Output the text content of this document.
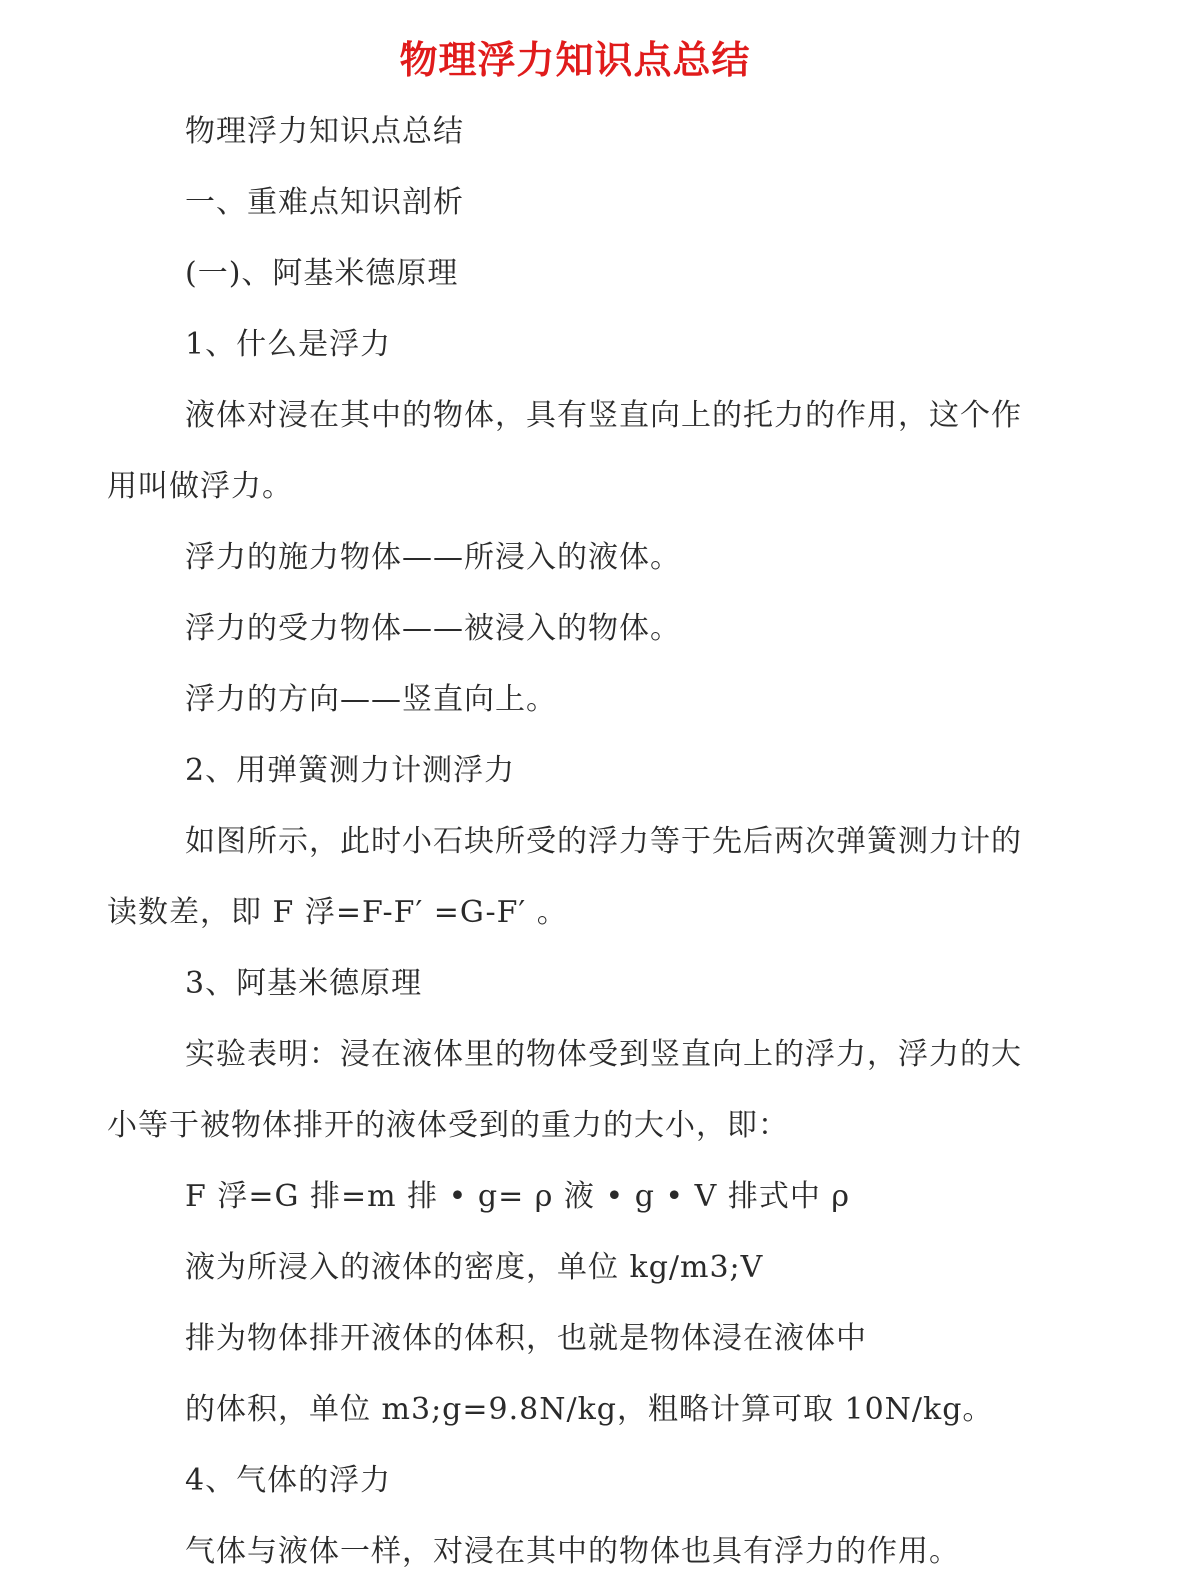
物理浮力知识点总结

物理浮力知识点总结

一、重难点知识剖析

(一)、阿基米德原理

1、什么是浮力

液体对浸在其中的物体，具有竖直向上的托力的作用，这个作

用叫做浮力。

浮力的施力物体——所浸入的液体。

浮力的受力物体——被浸入的物体。

浮力的方向——竖直向上。

2、用弹簧测力计测浮力

如图所示，此时小石块所受的浮力等于先后两次弹簧测力计的

读数差，即 F 浮=F-F′ =G-F′ 。

3、阿基米德原理

实验表明：浸在液体里的物体受到竖直向上的浮力，浮力的大

小等于被物体排开的液体受到的重力的大小，即：

F 浮=G 排=m 排 • g= ρ 液 • g • V 排式中 ρ

液为所浸入的液体的密度，单位 kg/m3;V

排为物体排开液体的体积，也就是物体浸在液体中

的体积，单位 m3;g=9.8N/kg，粗略计算可取 10N/kg。

4、气体的浮力

气体与液体一样，对浸在其中的物体也具有浮力的作用。
